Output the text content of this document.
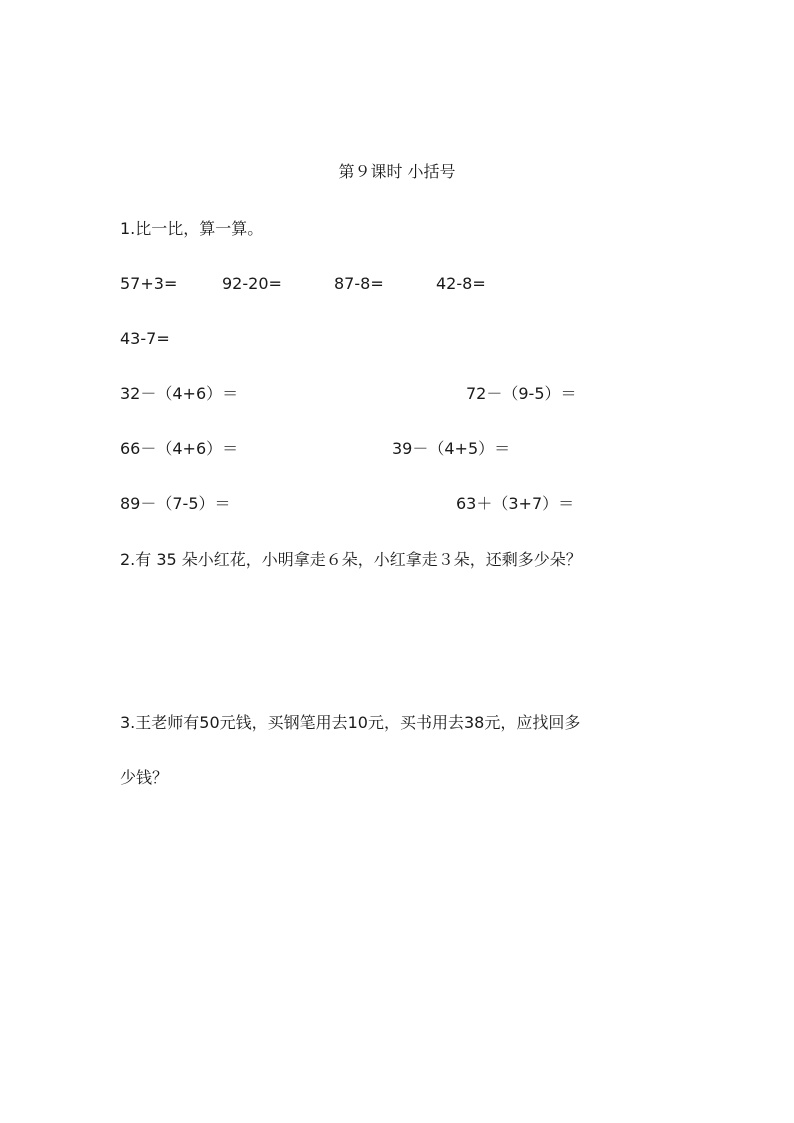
第９课时 小括号
1.比一比，算一算。
57+3=	92-20=	87-8=	42-8=
43-7=
32－（4+6）＝	72－（9-5）＝
66－（4+6）＝	39－（4+5）＝
89－（7-5）＝	63＋（3+7）＝
2.有 35 朵小红花，小明拿走６朵，小红拿走３朵，还剩多少朵？
3.王老师有50元钱，买钢笔用去10元，买书用去38元，应找回多
少钱？
